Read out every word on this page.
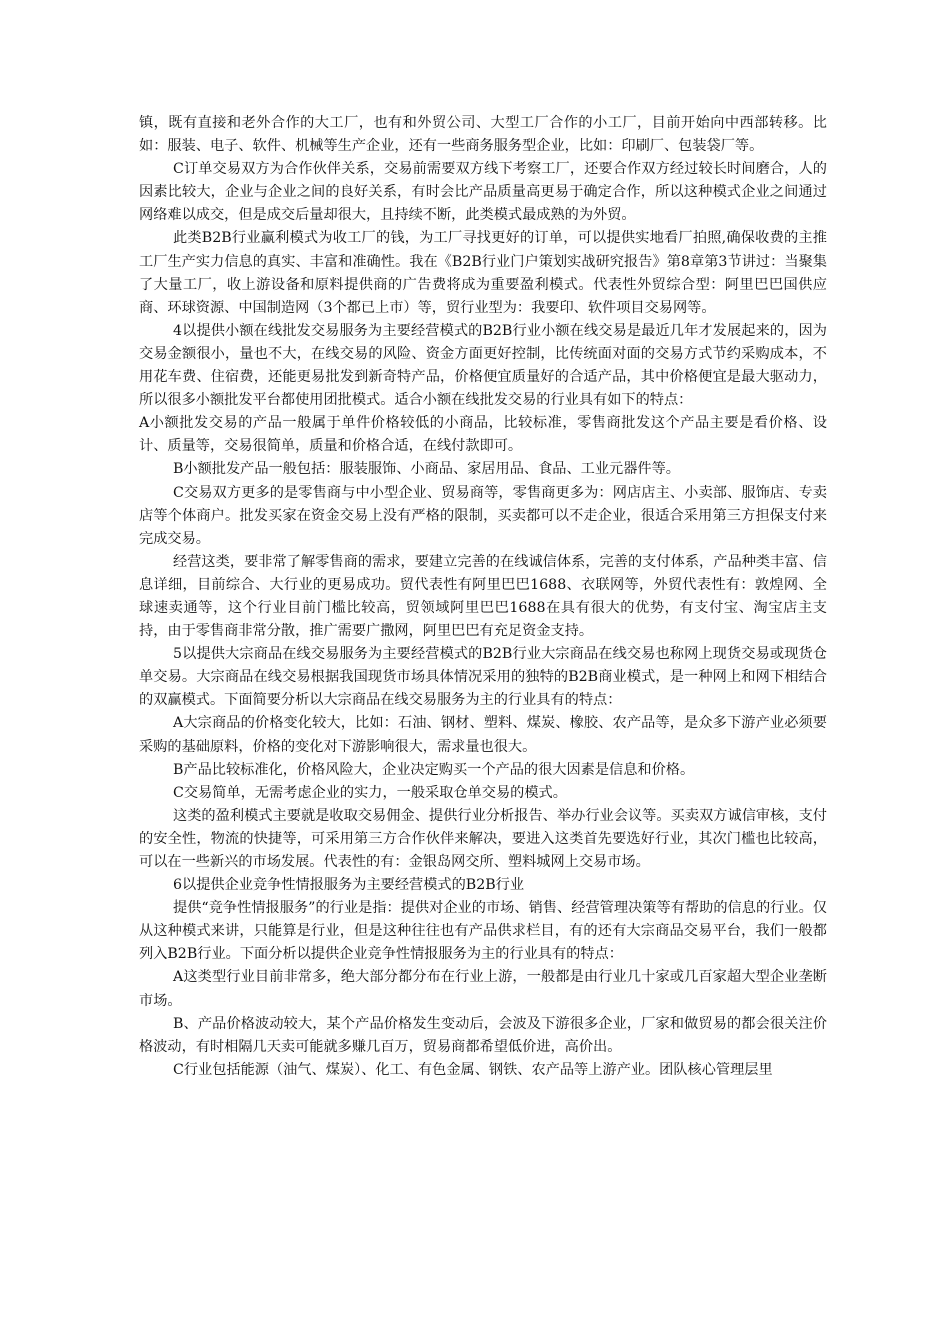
镇，既有直接和老外合作的大工厂，也有和外贸公司、大型工厂合作的小工厂，目前开始向中西部转移。比如：服装、电子、软件、机械等生产企业，还有一些商务服务型企业，比如：印刷厂、包装袋厂等。

C订单交易双方为合作伙伴关系，交易前需要双方线下考察工厂，还要合作双方经过较长时间磨合，人的因素比较大，企业与企业之间的良好关系，有时会比产品质量高更易于确定合作，所以这种模式企业之间通过网络难以成交，但是成交后量却很大，且持续不断，此类模式最成熟的为外贸。

此类B2B行业赢利模式为收工厂的钱，为工厂寻找更好的订单，可以提供实地看厂拍照,确保收费的主推工厂生产实力信息的真实、丰富和准确性。我在《B2B行业门户策划实战研究报告》第8章第3节讲过：当聚集了大量工厂，收上游设备和原料提供商的广告费将成为重要盈利模式。代表性外贸综合型：阿里巴巴国供应商、环球资源、中国制造网（3个都已上市）等，贸行业型为：我要印、软件项目交易网等。

4以提供小额在线批发交易服务为主要经营模式的B2B行业小额在线交易是最近几年才发展起来的，因为交易金额很小，量也不大，在线交易的风险、资金方面更好控制，比传统面对面的交易方式节约采购成本，不用花车费、住宿费，还能更易批发到新奇特产品，价格便宜质量好的合适产品，其中价格便宜是最大驱动力，所以很多小额批发平台都使用团批模式。适合小额在线批发交易的行业具有如下的特点：

A小额批发交易的产品一般属于单件价格较低的小商品，比较标准，零售商批发这个产品主要是看价格、设计、质量等，交易很简单，质量和价格合适，在线付款即可。

B小额批发产品一般包括：服装服饰、小商品、家居用品、食品、工业元器件等。

C交易双方更多的是零售商与中小型企业、贸易商等，零售商更多为：网店店主、小卖部、服饰店、专卖店等个体商户。批发买家在资金交易上没有严格的限制，买卖都可以不走企业，很适合采用第三方担保支付来完成交易。

经营这类，要非常了解零售商的需求，要建立完善的在线诚信体系，完善的支付体系，产品种类丰富、信息详细，目前综合、大行业的更易成功。贸代表性有阿里巴巴1688、衣联网等，外贸代表性有：敦煌网、全球速卖通等，这个行业目前门槛比较高，贸领域阿里巴巴1688在具有很大的优势，有支付宝、淘宝店主支持，由于零售商非常分散，推广需要广撒网，阿里巴巴有充足资金支持。

5以提供大宗商品在线交易服务为主要经营模式的B2B行业大宗商品在线交易也称网上现货交易或现货仓单交易。大宗商品在线交易根据我国现货市场具体情况采用的独特的B2B商业模式，是一种网上和网下相结合的双赢模式。下面简要分析以大宗商品在线交易服务为主的行业具有的特点：

A大宗商品的价格变化较大，比如：石油、钢材、塑料、煤炭、橡胶、农产品等，是众多下游产业必须要采购的基础原料，价格的变化对下游影响很大，需求量也很大。

B产品比较标准化，价格风险大，企业决定购买一个产品的很大因素是信息和价格。

C交易简单，无需考虑企业的实力，一般采取仓单交易的模式。

这类的盈利模式主要就是收取交易佣金、提供行业分析报告、举办行业会议等。买卖双方诚信审核，支付的安全性，物流的快捷等，可采用第三方合作伙伴来解决，要进入这类首先要选好行业，其次门槛也比较高，可以在一些新兴的市场发展。代表性的有：金银岛网交所、塑料城网上交易市场。

6以提供企业竞争性情报服务为主要经营模式的B2B行业

提供“竞争性情报服务”的行业是指：提供对企业的市场、销售、经营管理决策等有帮助的信息的行业。仅从这种模式来讲，只能算是行业，但是这种往往也有产品供求栏目，有的还有大宗商品交易平台，我们一般都列入B2B行业。下面分析以提供企业竞争性情报服务为主的行业具有的特点：

A这类型行业目前非常多，绝大部分都分布在行业上游，一般都是由行业几十家或几百家超大型企业垄断市场。

B、产品价格波动较大，某个产品价格发生变动后，会波及下游很多企业，厂家和做贸易的都会很关注价格波动，有时相隔几天卖可能就多赚几百万，贸易商都希望低价进，高价出。

C行业包括能源（油气、煤炭）、化工、有色金属、钢铁、农产品等上游产业。团队核心管理层里
